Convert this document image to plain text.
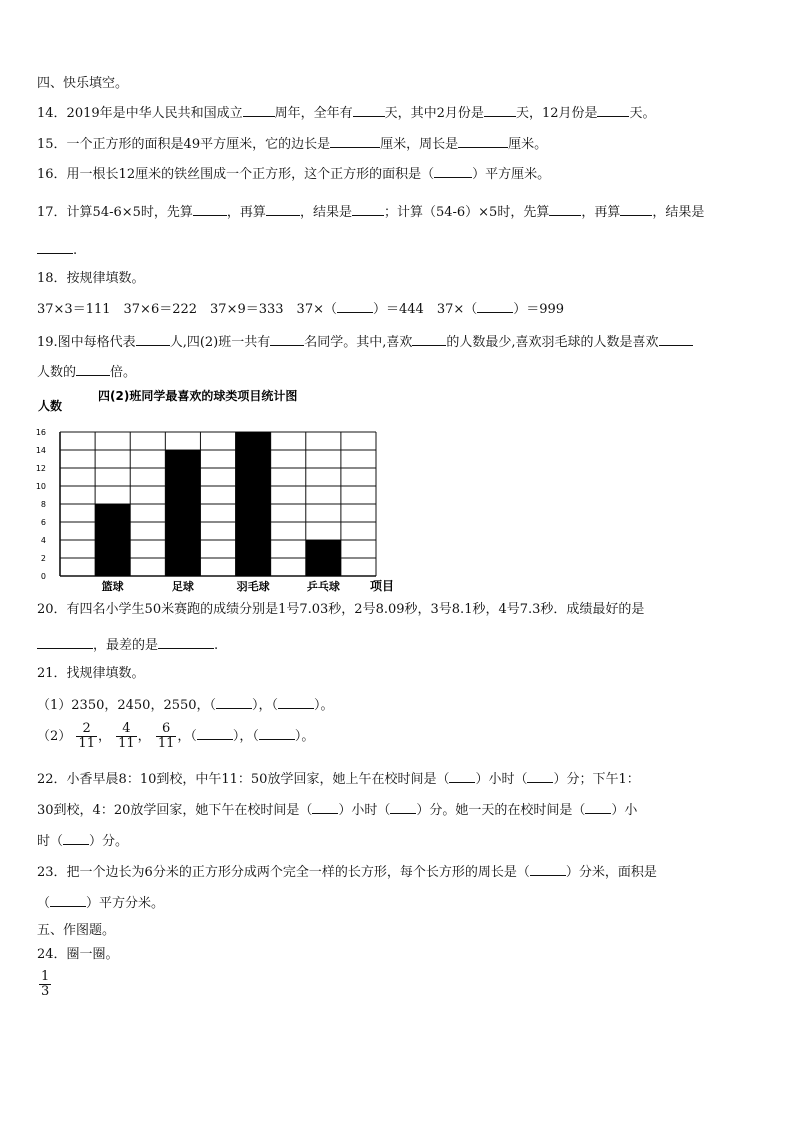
四、快乐填空。
14．2019年是中华人民共和国成立 周年，全年有 天，其中2月份是 天，12月份是 天。
15．一个正方形的面积是49平方厘米，它的边长是	厘米，周长是	厘米。
16．用一根长12厘米的铁丝围成一个正方形，这个正方形的面积是（	）平方厘米。
17．计算54-6×5时，先算	，再算	，结果是 ；计算（54-6）×5时，先算 ，再算 ，结果是
.
18．按规律填数。
37×3＝111　37×6＝222　37×9＝333　37×（	）＝444　37×（	）＝999
19.图中每格代表	人,四(2)班一共有	名同学。其中,喜欢	的人数最少,喜欢羽毛球的人数是喜欢
人数的	倍。
四(2)班同学最喜欢的球类项目统计图
人数
项目
0
2
4
6
8
10
12
14
16
篮球	足球	羽毛球	乒乓球
20．有四名小学生50米赛跑的成绩分别是1号7.03秒，2号8.09秒，3号8.1秒，4号7.3秒．成绩最好的是
，最差的是	.
21．找规律填数。
（1）2350，2450，2550，（	），（	）。
$(2) \frac{2}{11}$ ， $\frac{4}{11}$ ， $\frac{6}{11}$ ，（	），（	）。
22．小香早晨8：10到校，中午11：50放学回家，她上午在校时间是（ ）小时（ ）分；下午1：
30到校，4：20放学回家，她下午在校时间是（ ）小时（ ）分。她一天的在校时间是（ ）小
时（ ）分。
23．把一个边长为6分米的正方形分成两个完全一样的长方形，每个长方形的周长是（	）分米，面积是
（	）平方分米。
五、作图题。
24．圈一圈。
$\frac{1}{3}$
